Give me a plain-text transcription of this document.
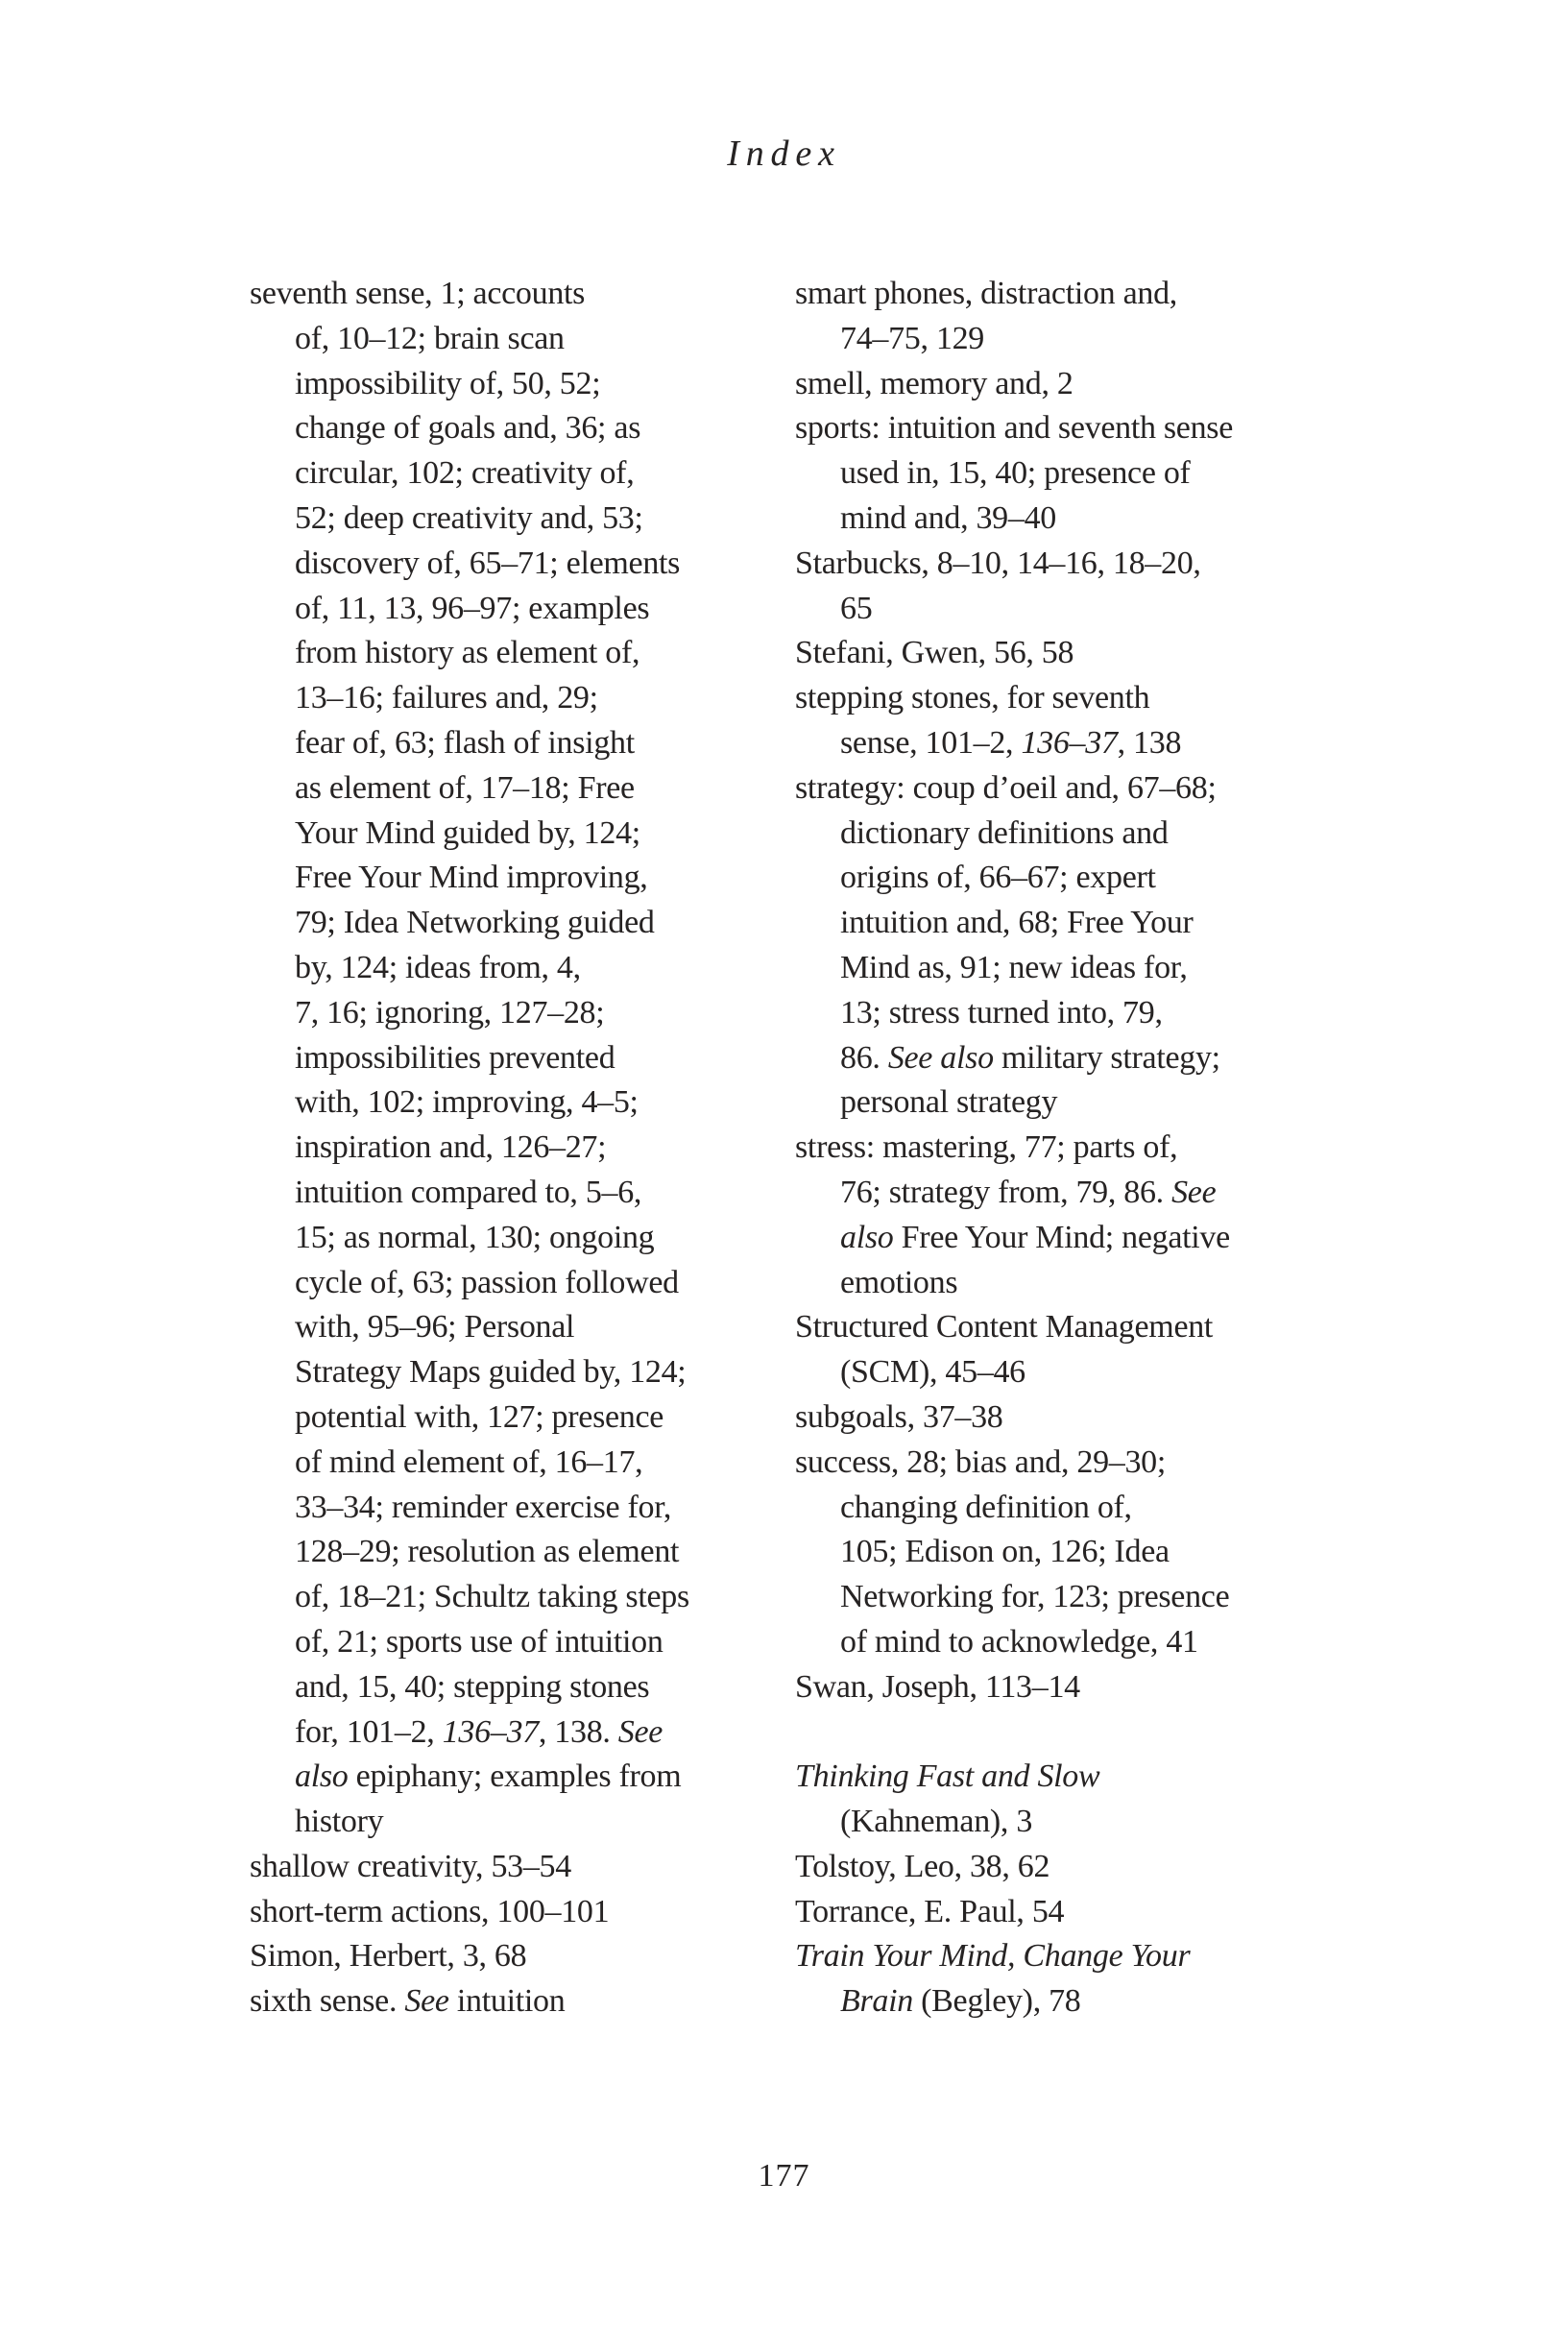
Index
seventh sense, 1; accounts
of, 10–12; brain scan
impossibility of, 50, 52;
change of goals and, 36; as
circular, 102; creativity of,
52; deep creativity and, 53;
discovery of, 65–71; elements
of, 11, 13, 96–97; examples
from history as element of,
13–16; failures and, 29;
fear of, 63; flash of insight
as element of, 17–18; Free
Your Mind guided by, 124;
Free Your Mind improving,
79; Idea Networking guided
by, 124; ideas from, 4,
7, 16; ignoring, 127–28;
impossibilities prevented
with, 102; improving, 4–5;
inspiration and, 126–27;
intuition compared to, 5–6,
15; as normal, 130; ongoing
cycle of, 63; passion followed
with, 95–96; Personal
Strategy Maps guided by, 124;
potential with, 127; presence
of mind element of, 16–17,
33–34; reminder exercise for,
128–29; resolution as element
of, 18–21; Schultz taking steps
of, 21; sports use of intuition
and, 15, 40; stepping stones
for, 101–2, 136–37, 138. See
also epiphany; examples from
history
shallow creativity, 53–54
short-term actions, 100–101
Simon, Herbert, 3, 68
sixth sense. See intuition
smart phones, distraction and,
74–75, 129
smell, memory and, 2
sports: intuition and seventh sense
used in, 15, 40; presence of
mind and, 39–40
Starbucks, 8–10, 14–16, 18–20,
65
Stefani, Gwen, 56, 58
stepping stones, for seventh
sense, 101–2, 136–37, 138
strategy: coup d’oeil and, 67–68;
dictionary definitions and
origins of, 66–67; expert
intuition and, 68; Free Your
Mind as, 91; new ideas for,
13; stress turned into, 79,
86. See also military strategy;
personal strategy
stress: mastering, 77; parts of,
76; strategy from, 79, 86. See
also Free Your Mind; negative
emotions
Structured Content Management
(SCM), 45–46
subgoals, 37–38
success, 28; bias and, 29–30;
changing definition of,
105; Edison on, 126; Idea
Networking for, 123; presence
of mind to acknowledge, 41
Swan, Joseph, 113–14
Thinking Fast and Slow
(Kahneman), 3
Tolstoy, Leo, 38, 62
Torrance, E. Paul, 54
Train Your Mind, Change Your
Brain (Begley), 78
177
